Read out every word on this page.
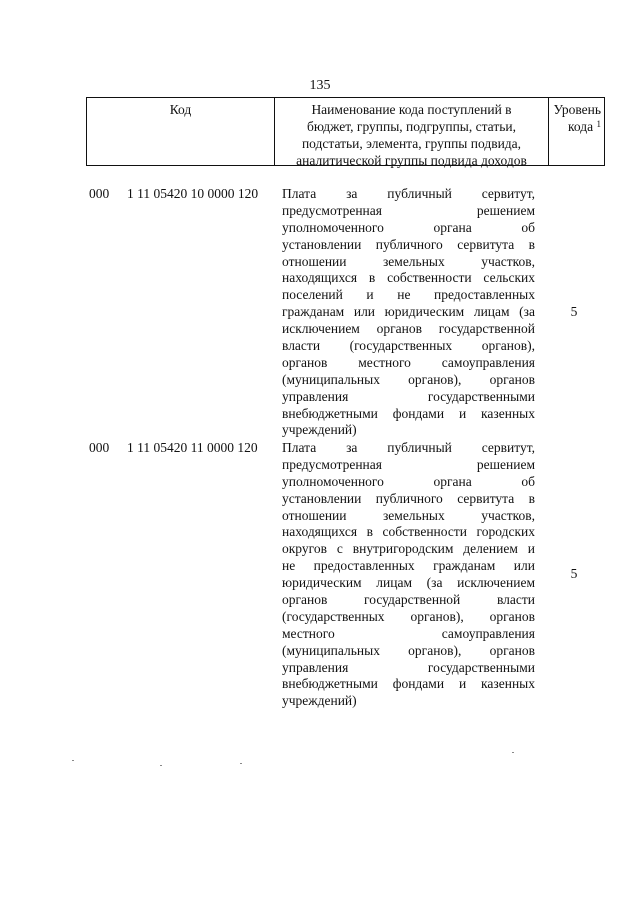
135
Код	Наименование кода поступлений в
бюджет, группы, подгруппы, статьи,
подстатьи, элемента, группы подвида,
аналитической группы подвида доходов
Уровень
кода $^1$
000	1 11 05420 10 0000 120 Плата за публичный сервитут,
предусмотренная решением
уполномоченного органа об
установлении публичного сервитута в
отношении земельных участков,
находящихся в собственности сельских
поселений и не предоставленных
гражданам или юридическим лицам (за
исключением органов государственной
власти (государственных органов),
органов местного самоуправления
(муниципальных органов), органов
управления государственными
внебюджетными фондами и казенных
учреждений)
5
000	1 11 05420 11 0000 120 Плата за публичный сервитут,
предусмотренная решением
уполномоченного органа об
установлении публичного сервитута в
отношении земельных участков,
находящихся в собственности городских
округов с внутригородским делением и
не предоставленных гражданам или
юридическим лицам (за исключением
органов государственной власти
(государственных органов), органов
местного самоуправления
(муниципальных органов), органов
управления государственными
внебюджетными фондами и казенных
учреждений)
5
